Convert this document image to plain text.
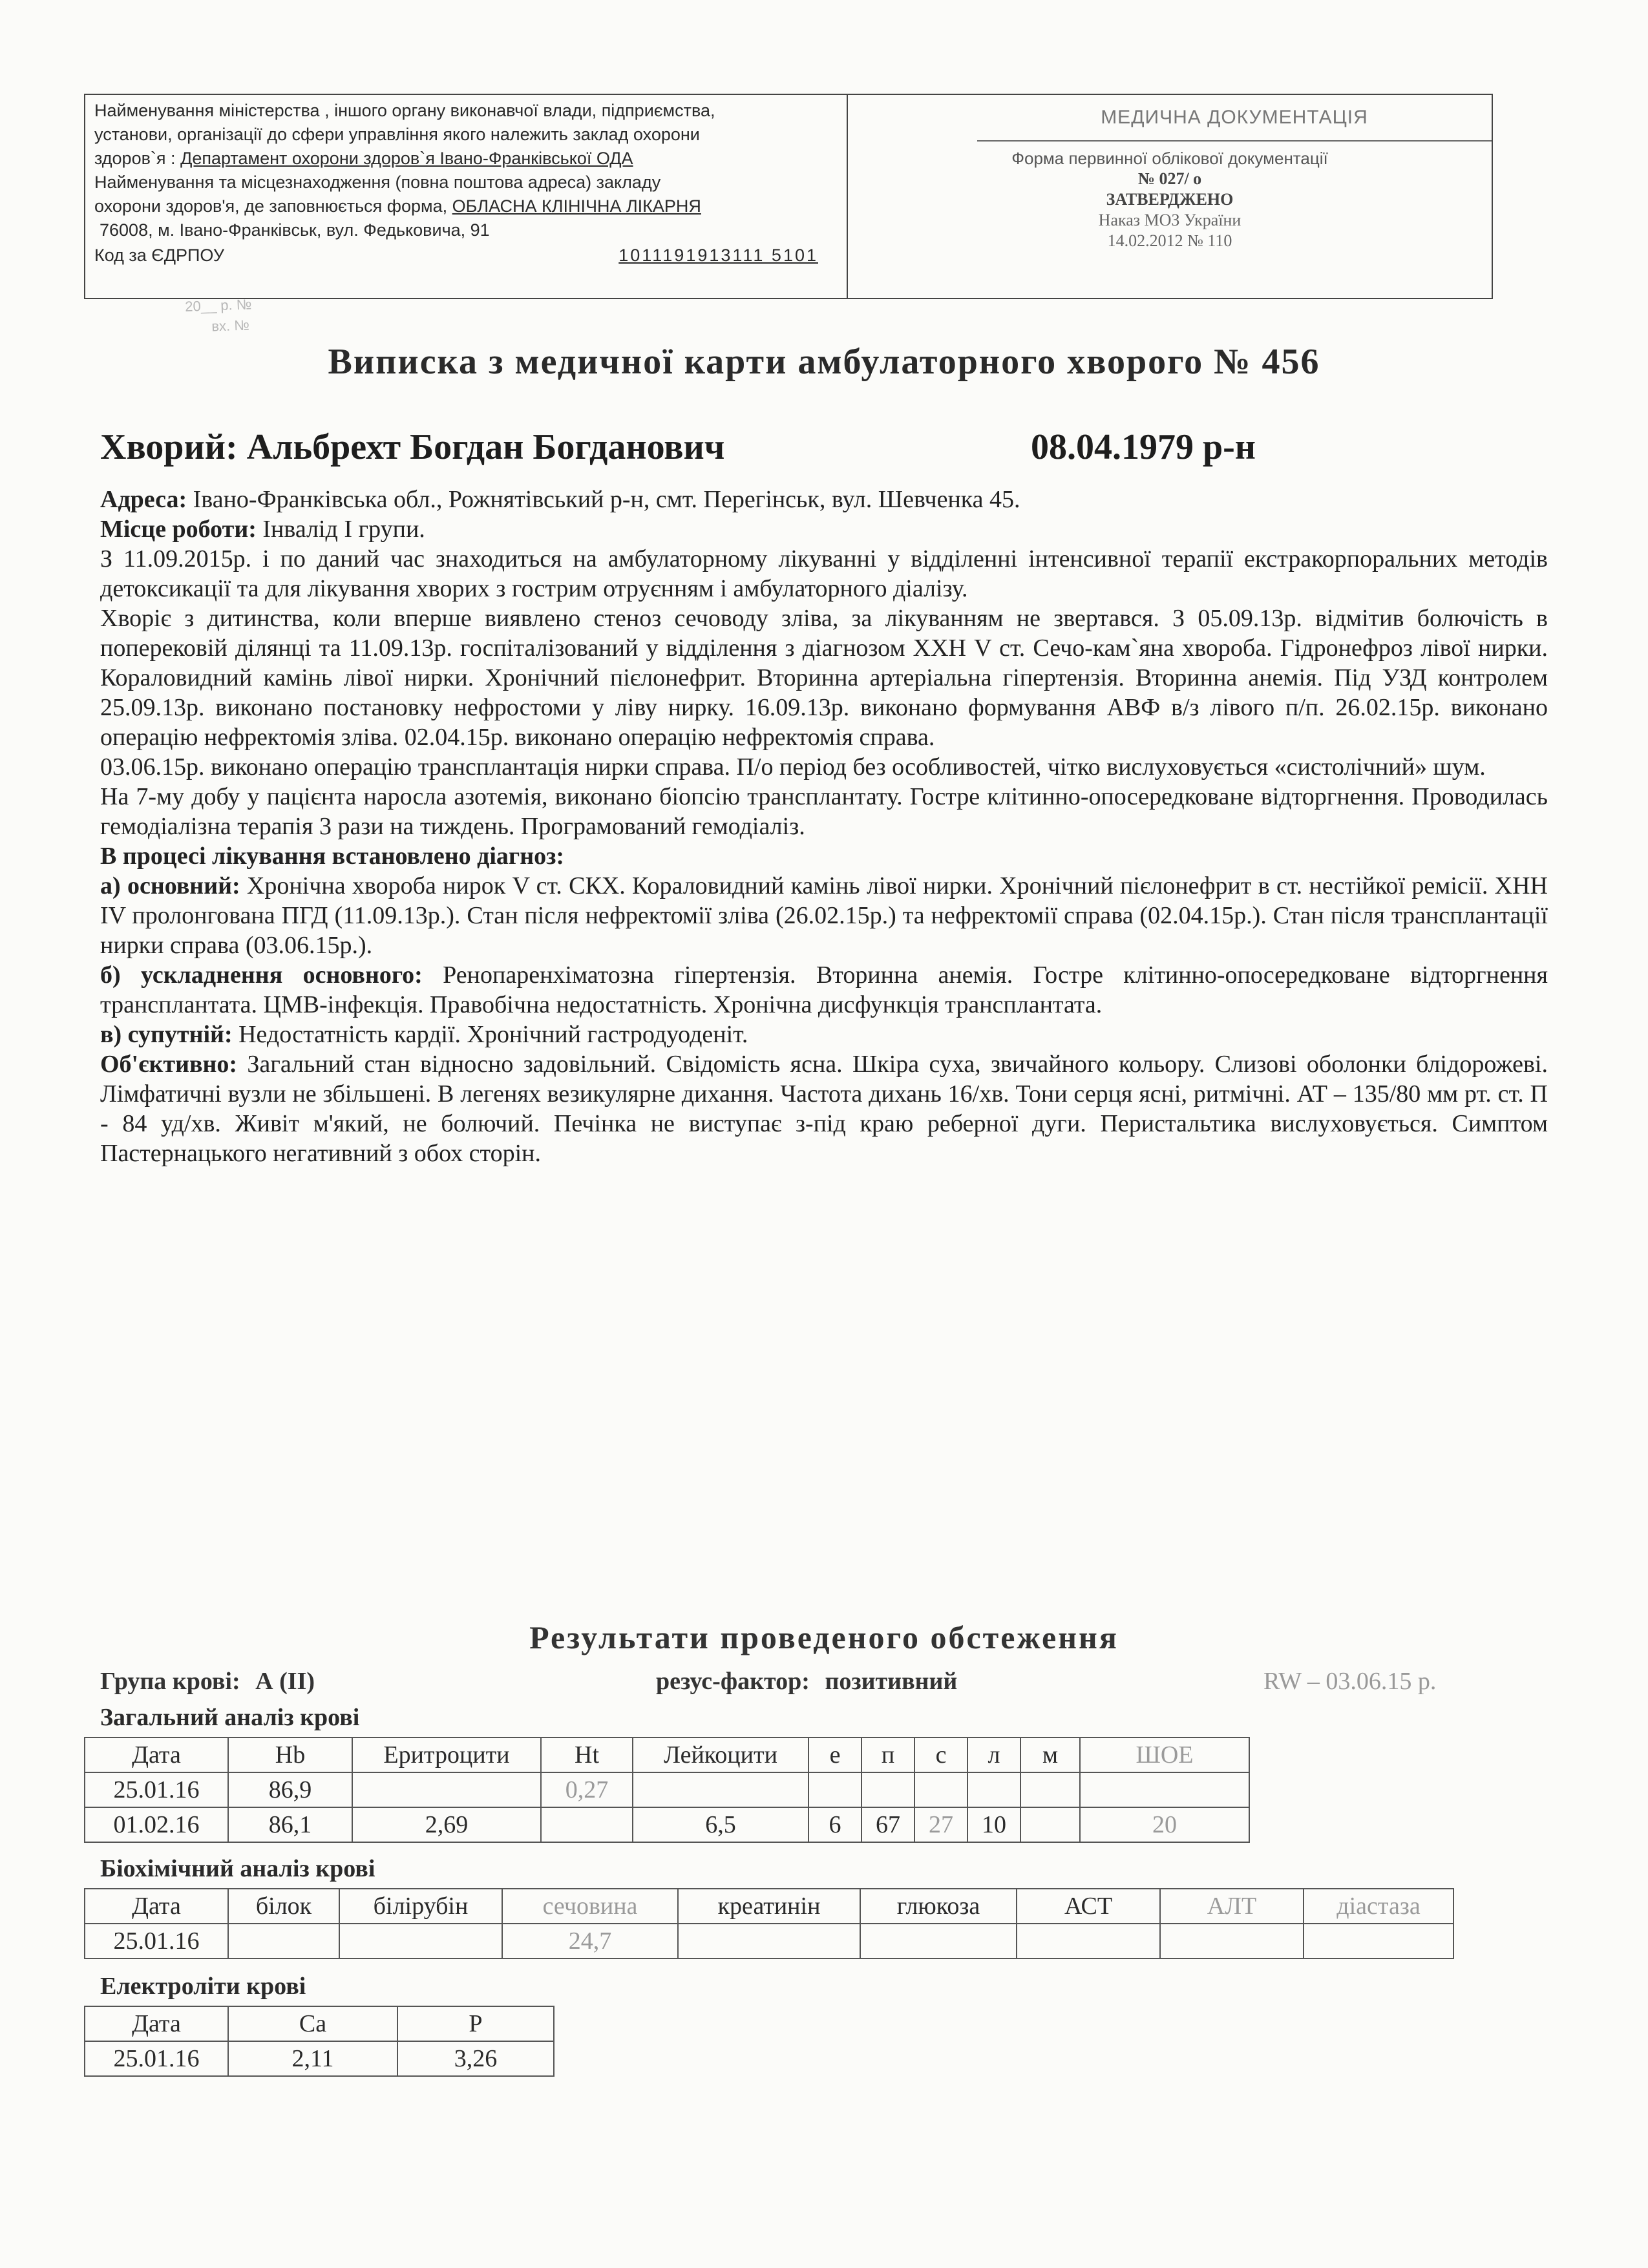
Найменування міністерства , іншого органу виконавчої влади, підприємства,
установи, організації до сфери управління якого належить заклад охорони
здоров`я : Департамент охорони здоров`я Івано-Франківської ОДА
Найменування та місцезнаходження (повна поштова адреса) закладу
охорони здоров'я, де заповнюється форма, ОБЛАСНА КЛІНІЧНА ЛІКАРНЯ
76008, м. Івано-Франківськ, вул. Федьковича, 91
Код за ЄДРПОУ	1011191913111 5101
МЕДИЧНА ДОКУМЕНТАЦІЯ
Форма первинної облікової документації
№ 027/ о
ЗАТВЕРДЖЕНО
Наказ МОЗ України
14.02.2012 № 110
20__ р. №
вх. №
Виписка з медичної карти амбулаторного хворого № 456
Хворий: Альбрехт Богдан Богданович	08.04.1979 р-н

Адреса: Івано-Франківська обл., Рожнятівський р-н, смт. Перегінськ, вул. Шевченка 45.

Місце роботи: Інвалід І групи.

З 11.09.2015р. і по даний час знаходиться на амбулаторному лікуванні у відділенні інтенсивної терапії екстракорпоральних методів детоксикації та для лікування хворих з гострим отруєнням і амбулаторного діалізу.

Хворіє з дитинства, коли вперше виявлено стеноз сечоводу зліва, за лікуванням не звертався. З 05.09.13р. відмітив болючість в поперековій ділянці та 11.09.13р. госпіталізований у відділення з діагнозом ХХН V ст. Сечо-кам`яна хвороба. Гідронефроз лівої нирки. Кораловидний камінь лівої нирки. Хронічний пієлонефрит. Вторинна артеріальна гіпертензія. Вторинна анемія. Під УЗД контролем 25.09.13р. виконано постановку нефростоми у ліву нирку. 16.09.13р. виконано формування АВФ в/з лівого п/п. 26.02.15р. виконано операцію нефректомія зліва. 02.04.15р. виконано операцію нефректомія справа.

03.06.15р. виконано операцію трансплантація нирки справа. П/о період без особливостей, чітко вислуховується «систолічний» шум.

На 7-му добу у пацієнта наросла азотемія, виконано біопсію трансплантату. Гостре клітинно-опосередковане відторгнення. Проводилась гемодіалізна терапія 3 рази на тиждень. Програмований гемодіаліз.

В процесі лікування встановлено діагноз:

а) основний: Хронічна хвороба нирок V ст. СКХ. Кораловидний камінь лівої нирки. Хронічний пієлонефрит в ст. нестійкої ремісії. ХНН ІV пролонгована ПГД (11.09.13р.). Стан після нефректомії зліва (26.02.15р.) та нефректомії справа (02.04.15р.). Стан після трансплантації нирки справа (03.06.15р.).

б) ускладнення основного: Ренопаренхіматозна гіпертензія. Вторинна анемія. Гостре клітинно-опосередковане відторгнення трансплантата. ЦМВ-інфекція. Правобічна недостатність. Хронічна дисфункція трансплантата.

в) супутній: Недостатність кардії. Хронічний гастродуоденіт.

Об'єктивно: Загальний стан відносно задовільний. Свідомість ясна. Шкіра суха, звичайного кольору. Слизові оболонки блідорожеві. Лімфатичні вузли не збільшені. В легенях везикулярне дихання. Частота дихань 16/хв. Тони серця ясні, ритмічні. АТ – 135/80 мм рт. ст. П - 84 уд/хв. Живіт м'який, не болючий. Печінка не виступає з-під краю реберної дуги. Перистальтика вислуховується. Симптом Пастернацького негативний з обох сторін.

Результати проведеного обстеження
Група крові: А (ІІ)	резус-фактор: позитивний	RW – 03.06.15 р.
Загальний аналіз крові
Дата	Hb	Еритроцити	Ht	Лейкоцити	е	п	с	л	м	ШОЕ
25.01.16	86,9		0,27							
01.02.16	86,1	2,69		6,5	6	67	27	10		20
Біохімічний аналіз крові
Дата	білок	білірубін	сечовина	креатинін	глюкоза	АСТ	АЛТ	діастаза
25.01.16			24,7					
Електроліти крові
Дата	Са	Р
25.01.16	2,11	3,26
